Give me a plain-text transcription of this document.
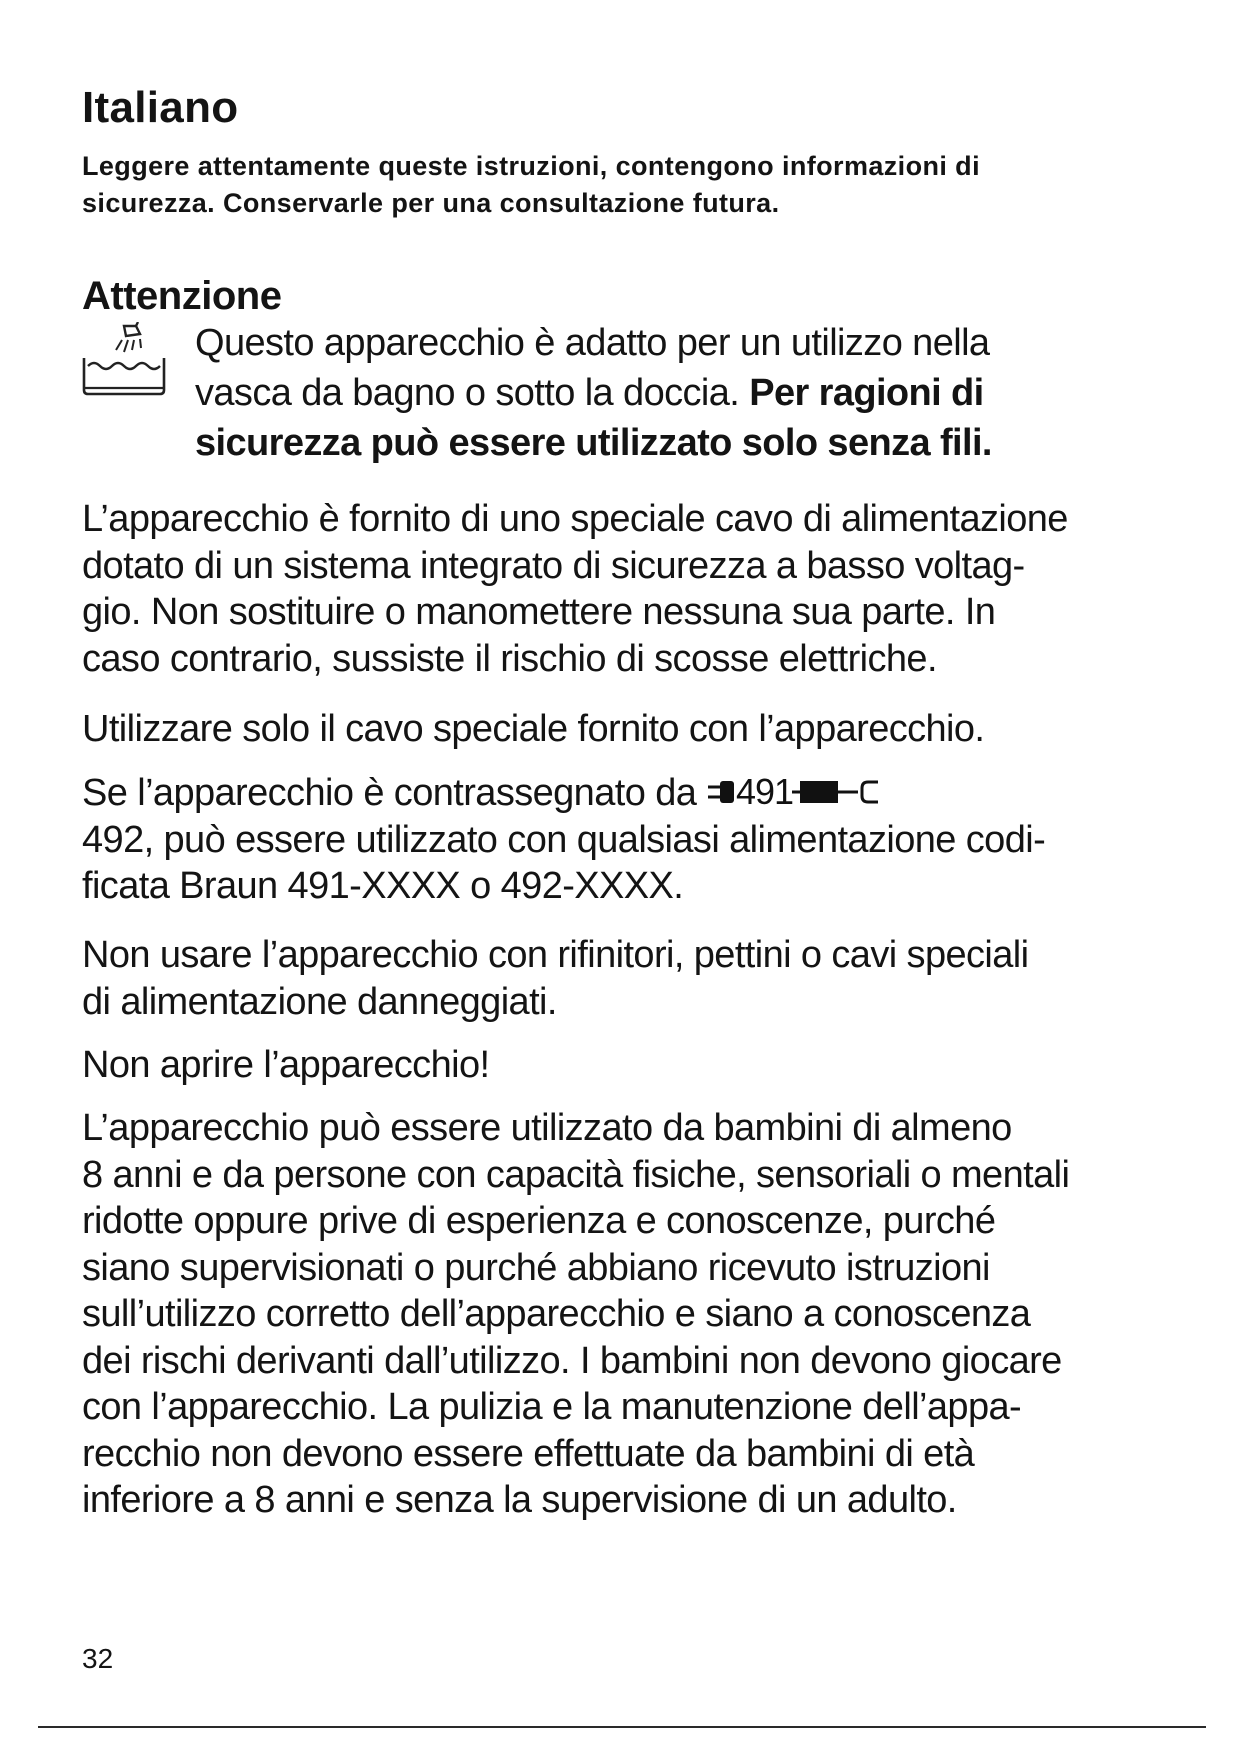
Italiano

Leggere attentamente queste istruzioni, contengono informazioni di
sicurezza. Conservarle per una consultazione futura.

Attenzione

Questo apparecchio è adatto per un utilizzo nella
vasca da bagno o sotto la doccia. Per ragioni di
sicurezza può essere utilizzato solo senza fili.

L’apparecchio è fornito di uno speciale cavo di alimentazione
dotato di un sistema integrato di sicurezza a basso voltag-
gio. Non sostituire o manomettere nessuna sua parte. In
caso contrario, sussiste il rischio di scosse elettriche.

Utilizzare solo il cavo speciale fornito con l’apparecchio.

Se l’apparecchio è contrassegnato da 491
492, può essere utilizzato con qualsiasi alimentazione codi-
ficata Braun 491-XXXX o 492-XXXX.

Non usare l’apparecchio con rifinitori, pettini o cavi speciali
di alimentazione danneggiati.

Non aprire l’apparecchio!

L’apparecchio può essere utilizzato da bambini di almeno
8 anni e da persone con capacità fisiche, sensoriali o mentali
ridotte oppure prive di esperienza e conoscenze, purché
siano supervisionati o purché abbiano ricevuto istruzioni
sull’utilizzo corretto dell’apparecchio e siano a conoscenza
dei rischi derivanti dall’utilizzo. I bambini non devono giocare
con l’apparecchio. La pulizia e la manutenzione dell’appa-
recchio non devono essere effettuate da bambini di età
inferiore a 8 anni e senza la supervisione di un adulto.

32
